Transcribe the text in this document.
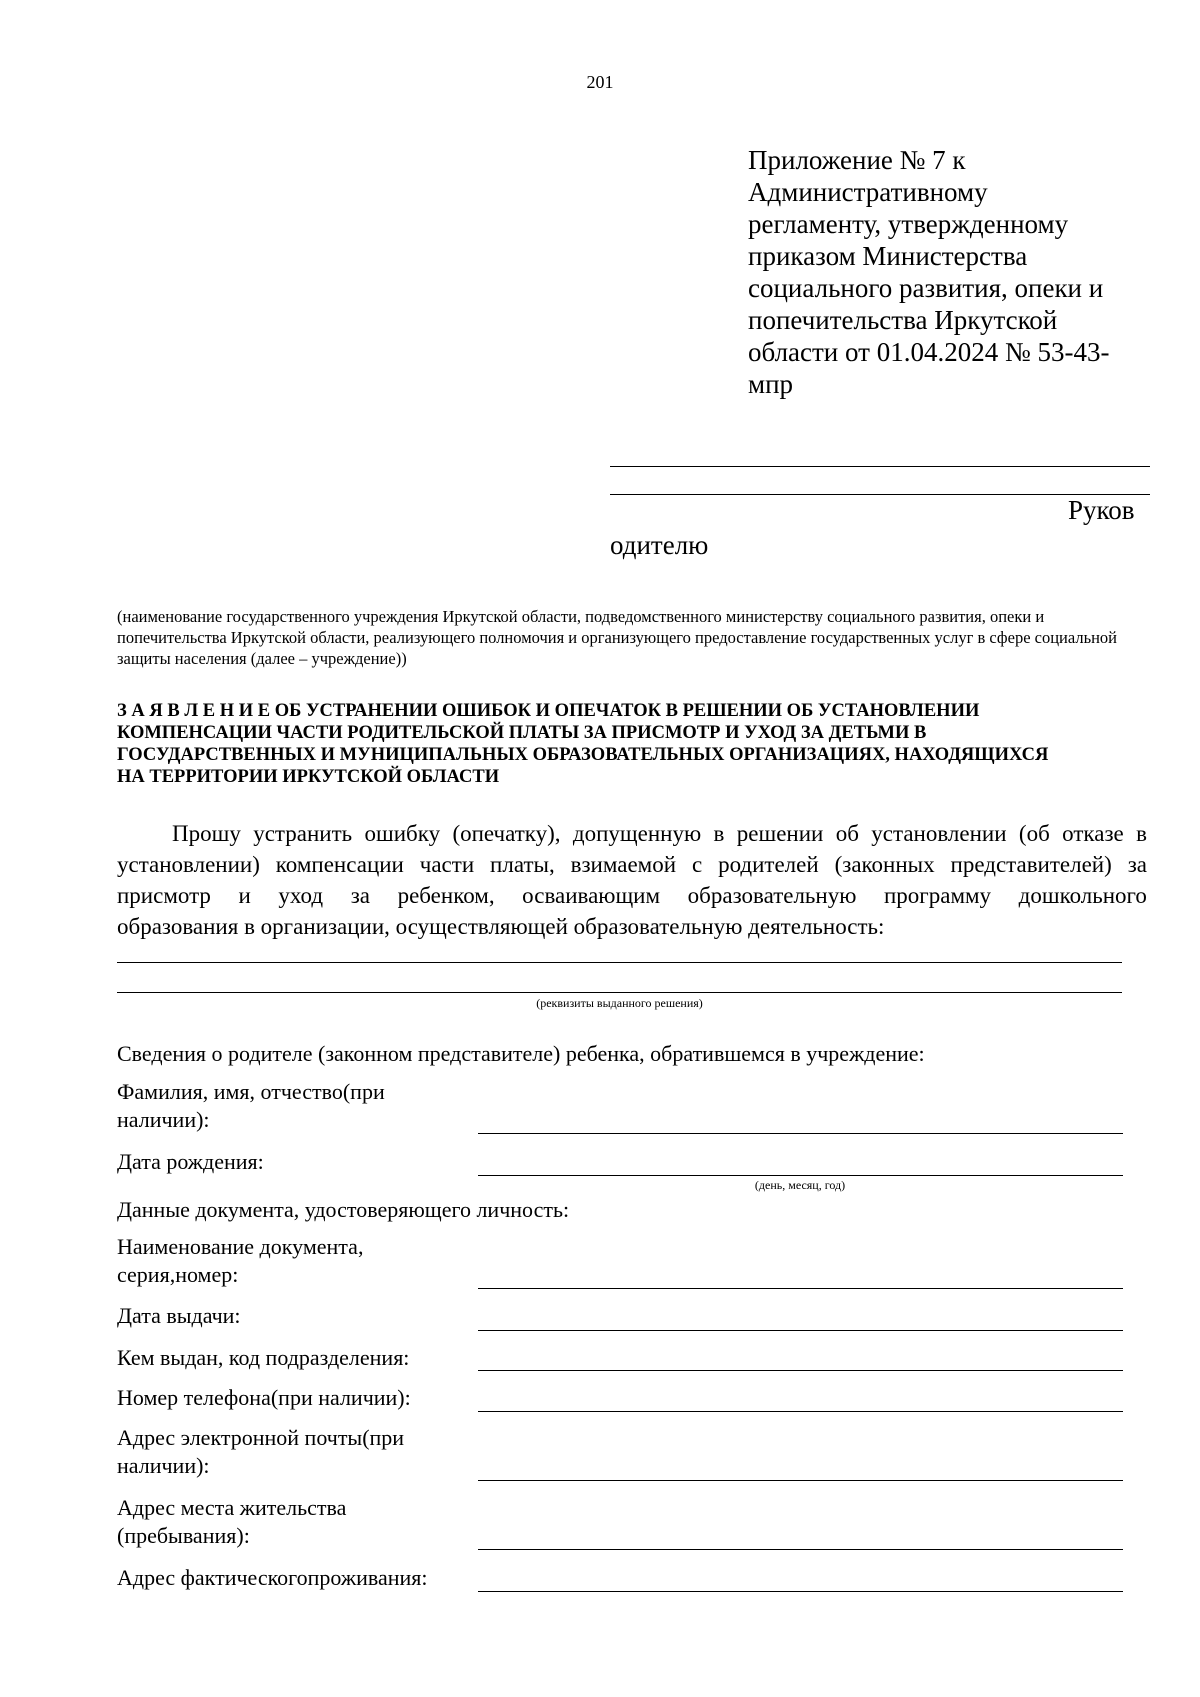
201
Приложение № 7 к
Административному
регламенту, утвержденному
приказом Министерства
социального развития, опеки и
попечительства Иркутской
области от 01.04.2024 № 53-43-
мпр
Руков
одителю
(наименование государственного учреждения Иркутской области, подведомственного министерству социального развития, опеки и попечительства Иркутской области, реализующего полномочия и организующего предоставление государственных услуг в сфере социальной защиты населения (далее – учреждение))
З А Я В Л Е Н И Е ОБ УСТРАНЕНИИ ОШИБОК И ОПЕЧАТОК В РЕШЕНИИ ОБ УСТАНОВЛЕНИИ
КОМПЕНСАЦИИ ЧАСТИ РОДИТЕЛЬСКОЙ ПЛАТЫ ЗА ПРИСМОТР И УХОД ЗА ДЕТЬМИ В
ГОСУДАРСТВЕННЫХ И МУНИЦИПАЛЬНЫХ ОБРАЗОВАТЕЛЬНЫХ ОРГАНИЗАЦИЯХ, НАХОДЯЩИХСЯ
НА ТЕРРИТОРИИ ИРКУТСКОЙ ОБЛАСТИ
Прошу устранить ошибку (опечатку), допущенную в решении об установлении (об отказе в
установлении) компенсации части платы, взимаемой с родителей (законных представителей) за
присмотр и уход за ребенком, осваивающим образовательную программу дошкольного
образования в организации, осуществляющей образовательную деятельность:
(реквизиты выданного решения)
Сведения о родителе (законном представителе) ребенка, обратившемся в учреждение:
Фамилия, имя, отчество(при
наличии):
Дата рождения:
(день, месяц, год)
Данные документа, удостоверяющего личность:
Наименование документа,
серия,номер:
Дата выдачи:
Кем выдан, код подразделения:
Номер телефона(при наличии):
Адрес электронной почты(при
наличии):
Адрес места жительства
(пребывания):
Адрес фактическогопроживания:
